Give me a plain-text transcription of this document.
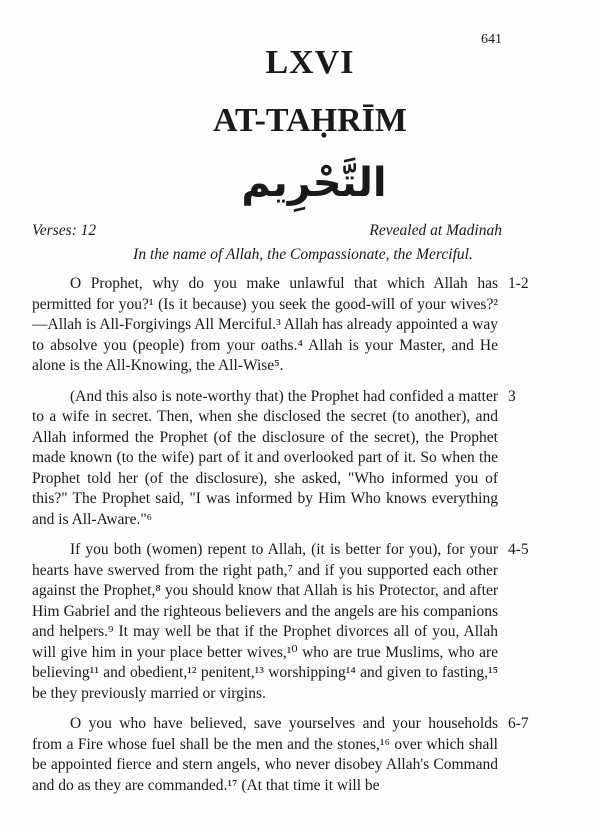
641
LXVI
AT-TAḤRĪM
التَّحْرِيم
Verses: 12	Revealed at Madinah
In the name of Allah, the Compassionate, the Merciful.
O Prophet, why do you make unlawful that which Allah has permitted for you?¹ (Is it because) you seek the good-will of your wives?²—Allah is All-Forgivings All Merciful.³ Allah has already appointed a way to absolve you (people) from your oaths.⁴ Allah is your Master, and He alone is the All-Knowing, the All-Wise⁵.
1-2
(And this also is note-worthy that) the Prophet had confided a matter to a wife in secret. Then, when she disclosed the secret (to another), and Allah informed the Prophet (of the disclosure of the secret), the Prophet made known (to the wife) part of it and overlooked part of it. So when the Prophet told her (of the disclosure), she asked, "Who informed you of this?" The Prophet said, "I was informed by Him Who knows everything and is All-Aware."⁶
3
If you both (women) repent to Allah, (it is better for you), for your hearts have swerved from the right path,⁷ and if you supported each other against the Prophet,⁸ you should know that Allah is his Protector, and after Him Gabriel and the righteous believers and the angels are his companions and helpers.⁹ It may well be that if the Prophet divorces all of you, Allah will give him in your place better wives,¹⁰ who are true Muslims, who are believing¹¹ and obedient,¹² penitent,¹³ worshipping¹⁴ and given to fasting,¹⁵ be they previously married or virgins.
4-5
O you who have believed, save yourselves and your households from a Fire whose fuel shall be the men and the stones,¹⁶ over which shall be appointed fierce and stern angels, who never disobey Allah's Command and do as they are commanded.¹⁷ (At that time it will be
6-7
